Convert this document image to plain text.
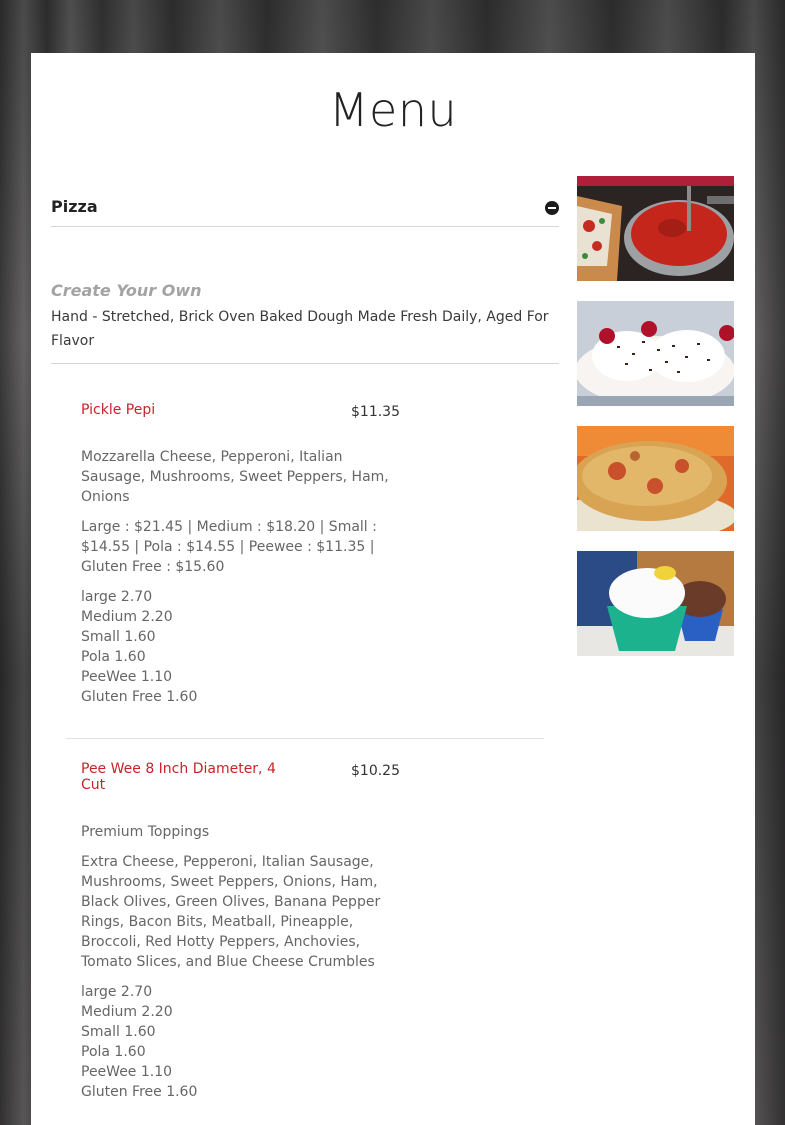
Menu
Pizza
Create Your Own
Hand - Stretched, Brick Oven Baked Dough Made Fresh Daily, Aged For Flavor
Pickle Pepi	$11.35
Mozzarella Cheese, Pepperoni, Italian Sausage, Mushrooms, Sweet Peppers, Ham, Onions
Large : $21.45 | Medium : $18.20 | Small : $14.55 | Pola : $14.55 | Peewee : $11.35 | Gluten Free : $15.60
large 2.70
Medium 2.20
Small 1.60
Pola 1.60
PeeWee 1.10
Gluten Free 1.60
Pee Wee 8 Inch Diameter, 4 Cut
$10.25
Premium Toppings
Extra Cheese, Pepperoni, Italian Sausage, Mushrooms, Sweet Peppers, Onions, Ham, Black Olives, Green Olives, Banana Pepper Rings, Bacon Bits, Meatball, Pineapple, Broccoli, Red Hotty Peppers, Anchovies, Tomato Slices, and Blue Cheese Crumbles
large 2.70
Medium 2.20
Small 1.60
Pola 1.60
PeeWee 1.10
Gluten Free 1.60
